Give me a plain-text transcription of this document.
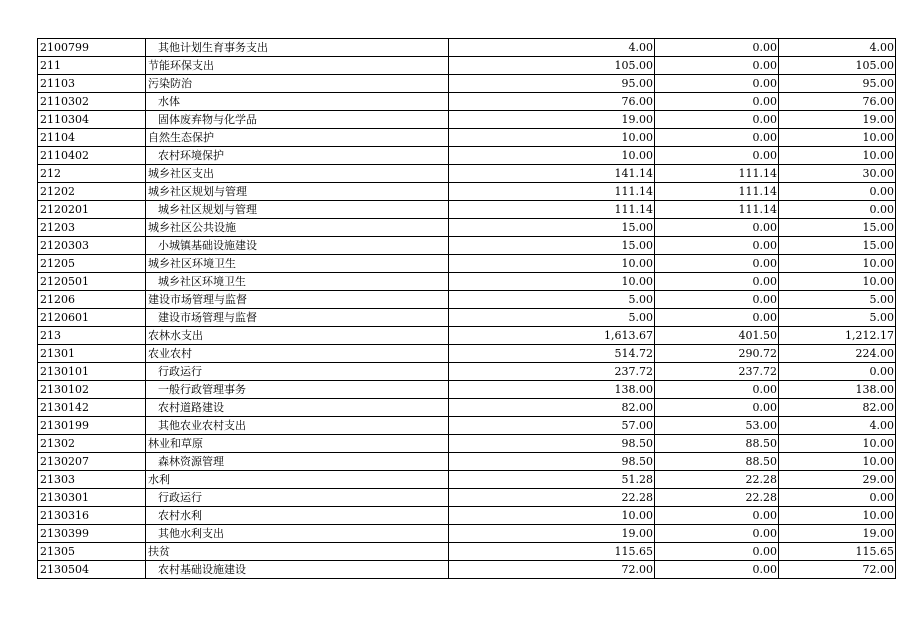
2100799	其他计划生育事务支出	4.00	0.00	4.00
211	节能环保支出	105.00	0.00	105.00
21103	污染防治	95.00	0.00	95.00
2110302	水体	76.00	0.00	76.00
2110304	固体废弃物与化学品	19.00	0.00	19.00
21104	自然生态保护	10.00	0.00	10.00
2110402	农村环境保护	10.00	0.00	10.00
212	城乡社区支出	141.14	111.14	30.00
21202	城乡社区规划与管理	111.14	111.14	0.00
2120201	城乡社区规划与管理	111.14	111.14	0.00
21203	城乡社区公共设施	15.00	0.00	15.00
2120303	小城镇基础设施建设	15.00	0.00	15.00
21205	城乡社区环境卫生	10.00	0.00	10.00
2120501	城乡社区环境卫生	10.00	0.00	10.00
21206	建设市场管理与监督	5.00	0.00	5.00
2120601	建设市场管理与监督	5.00	0.00	5.00
213	农林水支出	1,613.67	401.50	1,212.17
21301	农业农村	514.72	290.72	224.00
2130101	行政运行	237.72	237.72	0.00
2130102	一般行政管理事务	138.00	0.00	138.00
2130142	农村道路建设	82.00	0.00	82.00
2130199	其他农业农村支出	57.00	53.00	4.00
21302	林业和草原	98.50	88.50	10.00
2130207	森林资源管理	98.50	88.50	10.00
21303	水利	51.28	22.28	29.00
2130301	行政运行	22.28	22.28	0.00
2130316	农村水利	10.00	0.00	10.00
2130399	其他水利支出	19.00	0.00	19.00
21305	扶贫	115.65	0.00	115.65
2130504	农村基础设施建设	72.00	0.00	72.00
